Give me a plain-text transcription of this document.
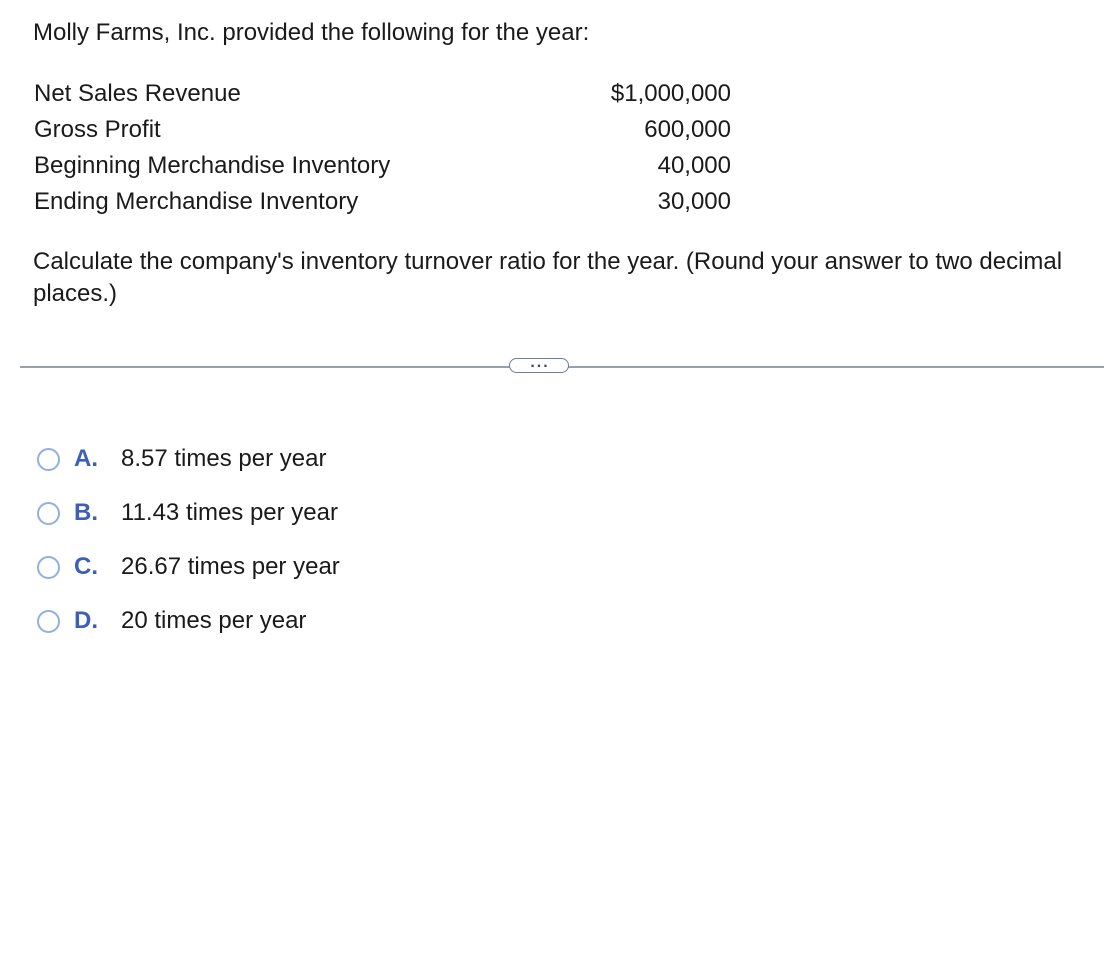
Molly Farms, Inc. provided the following for the year:

Net Sales Revenue	$1,000,000
Gross Profit	600,000
Beginning Merchandise Inventory	40,000
Ending Merchandise Inventory	30,000

Calculate the company's inventory turnover ratio for the year. (Round your answer to two decimal places.)

...
A. 8.57 times per year
B. 11.43 times per year
C. 26.67 times per year
D. 20 times per year
